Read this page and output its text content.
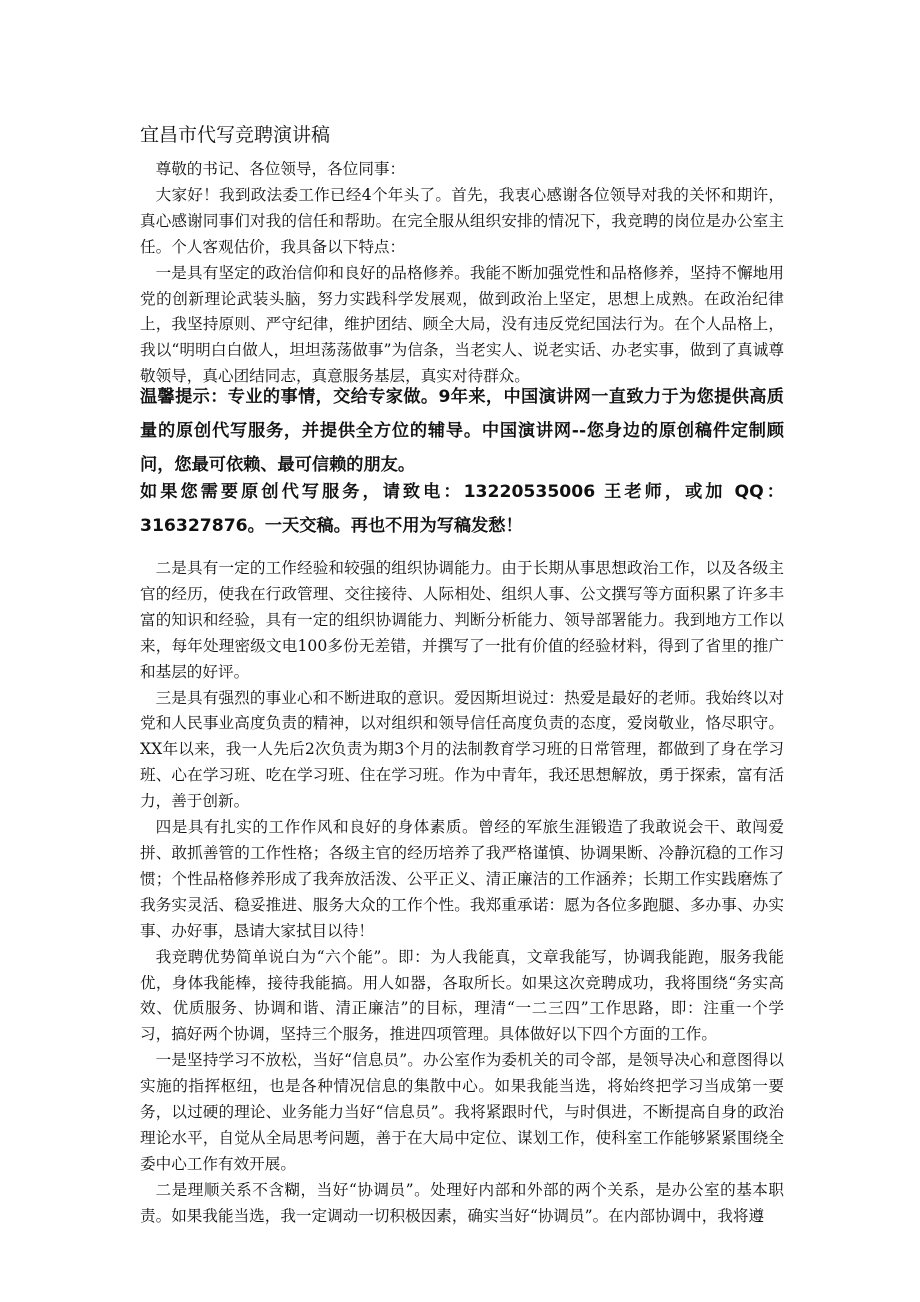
宜昌市代写竞聘演讲稿

尊敬的书记、各位领导，各位同事：

大家好！我到政法委工作已经4个年头了。首先，我衷心感谢各位领导对我的关怀和期许，真心感谢同事们对我的信任和帮助。在完全服从组织安排的情况下，我竞聘的岗位是办公室主任。个人客观估价，我具备以下特点：

一是具有坚定的政治信仰和良好的品格修养。我能不断加强党性和品格修养，坚持不懈地用党的创新理论武装头脑，努力实践科学发展观，做到政治上坚定，思想上成熟。在政治纪律上，我坚持原则、严守纪律，维护团结、顾全大局，没有违反党纪国法行为。在个人品格上，我以“明明白白做人，坦坦荡荡做事”为信条，当老实人、说老实话、办老实事，做到了真诚尊敬领导，真心团结同志，真意服务基层，真实对待群众。

温馨提示：专业的事情，交给专家做。9年来，中国演讲网一直致力于为您提供高质量的原创代写服务，并提供全方位的辅导。中国演讲网--您身边的原创稿件定制顾问，您最可依赖、最可信赖的朋友。

如果您需要原创代写服务，请致电：13220535006 王老师，或加 QQ：316327876。一天交稿。再也不用为写稿发愁！

二是具有一定的工作经验和较强的组织协调能力。由于长期从事思想政治工作，以及各级主官的经历，使我在行政管理、交往接待、人际相处、组织人事、公文撰写等方面积累了许多丰富的知识和经验，具有一定的组织协调能力、判断分析能力、领导部署能力。我到地方工作以来，每年处理密级文电100多份无差错，并撰写了一批有价值的经验材料，得到了省里的推广和基层的好评。

三是具有强烈的事业心和不断进取的意识。爱因斯坦说过：热爱是最好的老师。我始终以对党和人民事业高度负责的精神，以对组织和领导信任高度负责的态度，爱岗敬业，恪尽职守。XX年以来，我一人先后2次负责为期3个月的法制教育学习班的日常管理，都做到了身在学习班、心在学习班、吃在学习班、住在学习班。作为中青年，我还思想解放，勇于探索，富有活力，善于创新。

四是具有扎实的工作作风和良好的身体素质。曾经的军旅生涯锻造了我敢说会干、敢闯爱拼、敢抓善管的工作性格；各级主官的经历培养了我严格谨慎、协调果断、冷静沉稳的工作习惯；个性品格修养形成了我奔放活泼、公平正义、清正廉洁的工作涵养；长期工作实践磨炼了我务实灵活、稳妥推进、服务大众的工作个性。我郑重承诺：愿为各位多跑腿、多办事、办实事、办好事，恳请大家拭目以待！

我竞聘优势简单说白为“六个能”。即：为人我能真，文章我能写，协调我能跑，服务我能优，身体我能棒，接待我能搞。用人如器，各取所长。如果这次竞聘成功，我将围绕“务实高效、优质服务、协调和谐、清正廉洁”的目标，理清“一二三四”工作思路，即：注重一个学习，搞好两个协调，坚持三个服务，推进四项管理。具体做好以下四个方面的工作。

一是坚持学习不放松，当好“信息员”。办公室作为委机关的司令部，是领导决心和意图得以实施的指挥枢纽，也是各种情况信息的集散中心。如果我能当选，将始终把学习当成第一要务，以过硬的理论、业务能力当好“信息员”。我将紧跟时代，与时俱进，不断提高自身的政治理论水平，自觉从全局思考问题，善于在大局中定位、谋划工作，使科室工作能够紧紧围绕全委中心工作有效开展。

二是理顺关系不含糊，当好“协调员”。处理好内部和外部的两个关系，是办公室的基本职责。如果我能当选，我一定调动一切积极因素，确实当好“协调员”。在内部协调中，我将遵
